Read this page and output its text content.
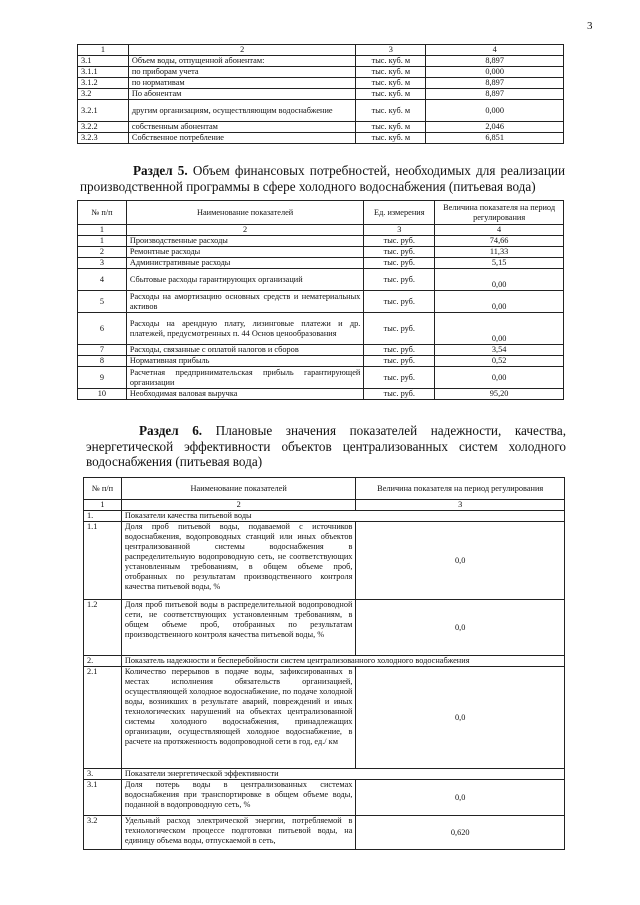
3
1	2	3	4
3.1	Объем воды, отпущенной абонентам:	тыс. куб. м	8,897
3.1.1	по приборам учета	тыс. куб. м	0,000
3.1.2	по нормативам	тыс. куб. м	8,897
3.2	По абонентам	тыс. куб. м	8,897
3.2.1	другим организациям, осуществляющим водоснабжение	тыс. куб. м	0,000
3.2.2	собственным абонентам	тыс. куб. м	2,046
3.2.3	Собственное потребление	тыс. куб. м	6,851
Раздел 5. Объем финансовых потребностей, необходимых для реализации производственной программы в сфере холодного водоснабжения (питьевая вода)
№ п/п	Наименование показателей	Ед. измерения	Величина показателя на период регулирования
1	2	3	4
1	Производственные расходы	тыс. руб.	74,66
2	Ремонтные расходы	тыс. руб.	11,33
3	Административные расходы	тыс. руб.	5,15
4	Сбытовые расходы гарантирующих организаций	тыс. руб.	0,00
5	Расходы на амортизацию основных средств и нематериальных активов	тыс. руб.	0,00
6	Расходы на арендную плату, лизинговые платежи и др. платежей, предусмотренных п. 44 Основ ценообразования	тыс. руб.	0,00
7	Расходы, связанные с оплатой налогов и сборов	тыс. руб.	3,54
8	Нормативная прибыль	тыс. руб.	0,52
9	Расчетная предпринимательская прибыль гарантирующей организации	тыс. руб.	0,00
10	Необходимая валовая выручка	тыс. руб.	95,20
Раздел 6. Плановые значения показателей надежности, качества, энергетической эффективности объектов централизованных систем холодного водоснабжения (питьевая вода)
№ п/п	Наименование показателей	Величина показателя на период регулирования
1	2	3
1.	Показатели качества питьевой воды	
1.1	Доля проб питьевой воды, подаваемой с источников водоснабжения, водопроводных станций или иных объектов централизованной системы водоснабжения в распределительную водопроводную сеть, не соответствующих установленным требованиям, в общем объеме проб, отобранных по результатам производственного контроля качества питьевой воды, %	0,0
1.2	Доля проб питьевой воды в распределительной водопроводной сети, не соответствующих установленным требованиям, в общем объеме проб, отобранных по результатам производственного контроля качества питьевой воды, %	0,0
2.	Показатель надежности и бесперебойности систем централизованного холодного водоснабжения	
2.1	Количество перерывов в подаче воды, зафиксированных в местах исполнения обязательств организацией, осуществляющей холодное водоснабжение, по подаче холодной воды, возникших в результате аварий, повреждений и иных технологических нарушений на объектах централизованной системы холодного водоснабжения, принадлежащих организации, осуществляющей холодное водоснабжение, в расчете на протяженность водопроводной сети в год, ед./ км	0,0
3.	Показатели энергетической эффективности	
3.1	Доля потерь воды в централизованных системах водоснабжения при транспортировке в общем объеме воды, поданной в водопроводную сеть, %	0,0
3.2	Удельный расход электрической энергии, потребляемой в технологическом процессе подготовки питьевой воды, на единицу объема воды, отпускаемой в сеть,	0,620
